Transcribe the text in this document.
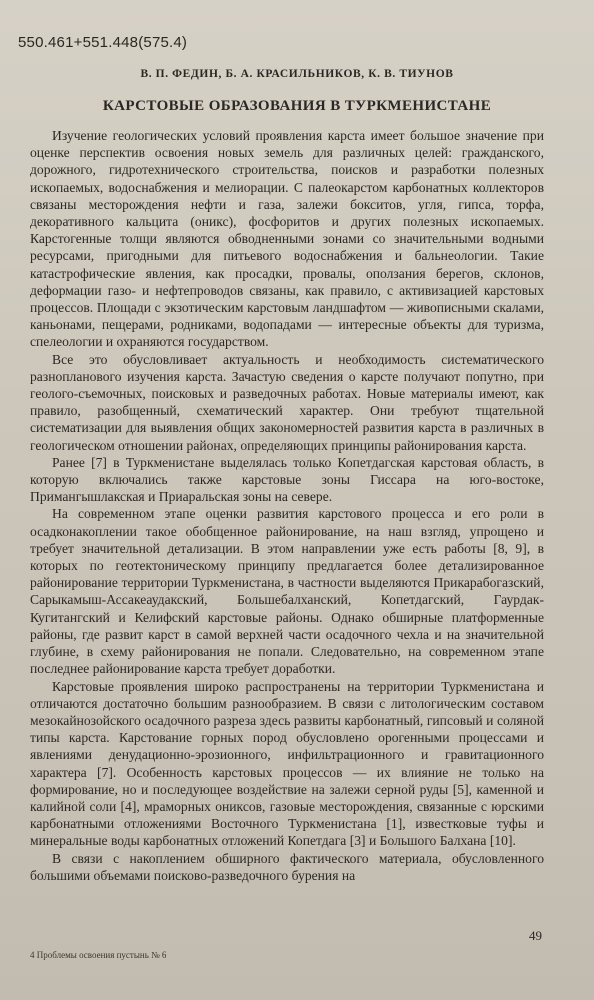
550.461+551.448(575.4)
В. П. ФЕДИН, Б. А. КРАСИЛЬНИКОВ, К. В. ТИУНОВ
КАРСТОВЫЕ ОБРАЗОВАНИЯ В ТУРКМЕНИСТАНЕ

Изучение геологических условий проявления карста имеет большое значение при оценке перспектив освоения новых земель для различных целей: гражданского, дорожного, гидротехнического строительства, поисков и разработки полезных ископаемых, водоснабжения и мелиорации. С палеокарстом карбонатных коллекторов связаны месторождения нефти и газа, залежи бокситов, угля, гипса, торфа, декоративного кальцита (оникс), фосфоритов и других полезных ископаемых. Карстогенные толщи являются обводненными зонами со значительными водными ресурсами, пригодными для питьевого водоснабжения и бальнеологии. Такие катастрофические явления, как просадки, провалы, оползания берегов, склонов, деформации газо- и нефтепроводов связаны, как правило, с активизацией карстовых процессов. Площади с экзотическим карстовым ландшафтом — живописными скалами, каньонами, пещерами, родниками, водопадами — интересные объекты для туризма, спелеологии и охраняются государством.

Все это обусловливает актуальность и необходимость систематического разнопланового изучения карста. Зачастую сведения о карсте получают попутно, при геолого-съемочных, поисковых и разведочных работах. Новые материалы имеют, как правило, разобщенный, схематический характер. Они требуют тщательной систематизации для выявления общих закономерностей развития карста в различных в геологическом отношении районах, определяющих принципы районирования карста.

Ранее [7] в Туркменистане выделялась только Копетдагская карстовая область, в которую включались также карстовые зоны Гиссара на юго-востоке, Примангышлакская и Приаральская зоны на севере.

На современном этапе оценки развития карстового процесса и его роли в осадконакоплении такое обобщенное районирование, на наш взгляд, упрощено и требует значительной детализации. В этом направлении уже есть работы [8, 9], в которых по геотектоническому принципу предлагается более детализированное районирование территории Туркменистана, в частности выделяются Прикарабогазский, Сарыкамыш-Ассакеаудакский, Большебалханский, Копетдагский, Гаурдак-Кугитангский и Келифский карстовые районы. Однако обширные платформенные районы, где развит карст в самой верхней части осадочного чехла и на значительной глубине, в схему районирования не попали. Следовательно, на современном этапе последнее районирование карста требует доработки.

Карстовые проявления широко распространены на территории Туркменистана и отличаются достаточно большим разнообразием. В связи с литологическим составом мезокайнозойского осадочного разреза здесь развиты карбонатный, гипсовый и соляной типы карста. Карстование горных пород обусловлено орогенными процессами и явлениями денудационно-эрозионного, инфильтрационного и гравитационного характера [7]. Особенность карстовых процессов — их влияние не только на формирование, но и последующее воздействие на залежи серной руды [5], каменной и калийной соли [4], мраморных ониксов, газовые месторождения, связанные с юрскими карбонатными отложениями Восточного Туркменистана [1], известковые туфы и минеральные воды карбонатных отложений Копетдага [3] и Большого Балхана [10].

В связи с накоплением обширного фактического материала, обусловленного большими объемами поисково-разведочного бурения на

49
4 Проблемы освоения пустынь № 6
